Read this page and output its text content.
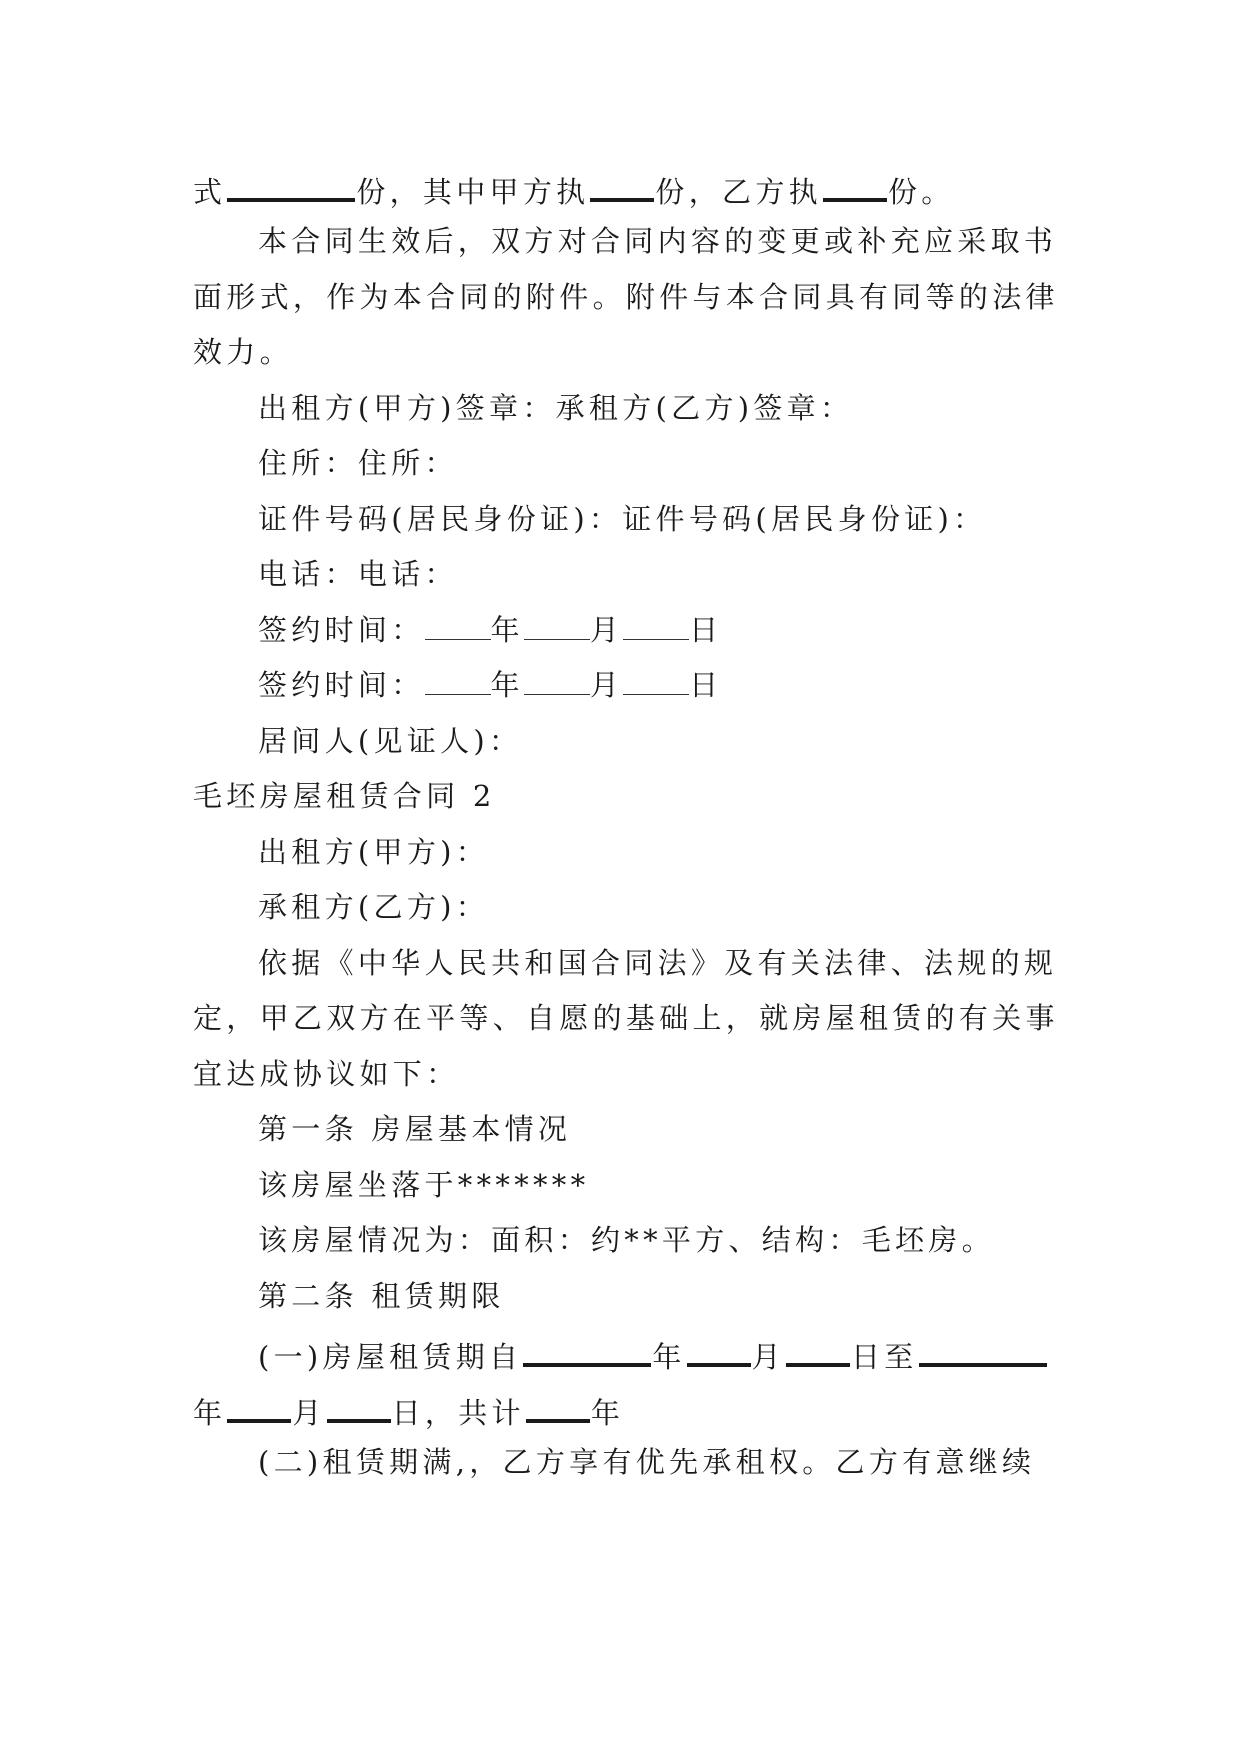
式	份，其中甲方执 份，乙方执 份。
本合同生效后，双方对合同内容的变更或补充应采取书
面形式，作为本合同的附件。附件与本合同具有同等的法律
效力。
出租方(甲方)签章：承租方(乙方)签章：
住所：住所：
证件号码(居民身份证)：证件号码(居民身份证)：
电话：电话：
签约时间： 年 月 日
签约时间： 年 月 日
居间人(见证人)：
毛坯房屋租赁合同 2
出租方(甲方)：
承租方(乙方)：
依据《中华人民共和国合同法》及有关法律、法规的规
定，甲乙双方在平等、自愿的基础上，就房屋租赁的有关事
宜达成协议如下：
第一条 房屋基本情况
该房屋坐落于*******
该房屋情况为：面积：约**平方、结构：毛坯房。
第二条 租赁期限
(一)房屋租赁期自	年 月 日至
年 月 日，共计 年
(二)租赁期满,，乙方享有优先承租权。乙方有意继续
